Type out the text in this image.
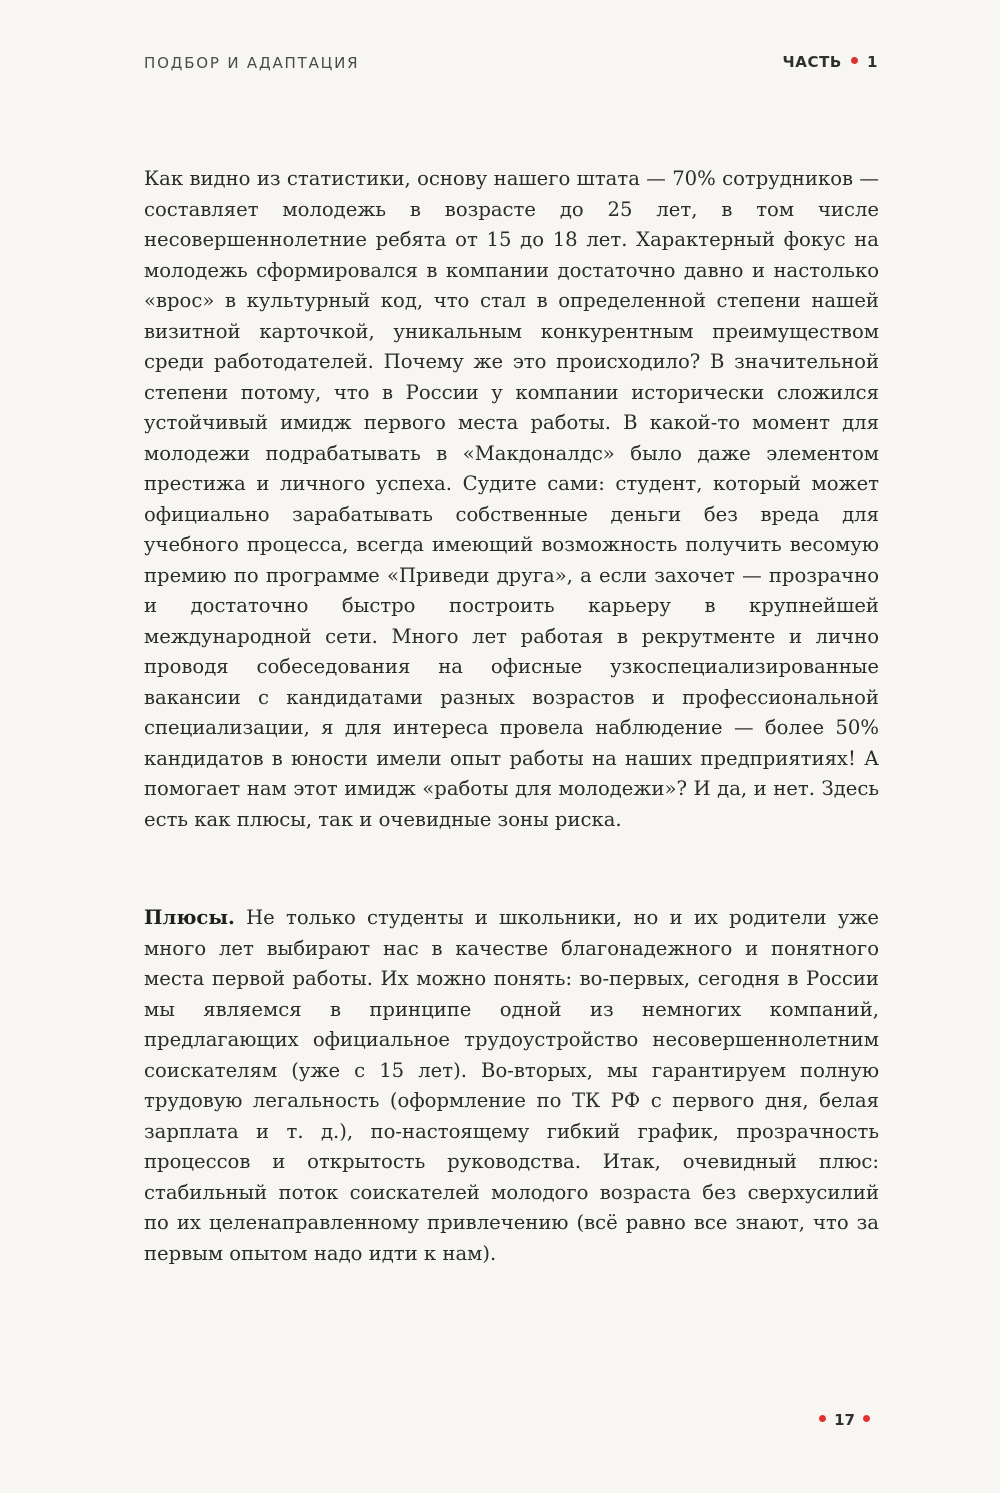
ПОДБОР И АДАПТАЦИЯ	ЧАСТЬ 1

Как видно из статистики, основу нашего штата — 70% сотрудников — составляет молодежь в возрасте до 25 лет, в том числе несовершеннолетние ребята от 15 до 18 лет. Характерный фокус на молодежь сформировался в компании достаточно давно и настолько «врос» в культурный код, что стал в определенной степени нашей визитной карточкой, уникальным конкурентным преимуществом среди работодателей. Почему же это происходило? В значительной степени потому, что в России у компании исторически сложился устойчивый имидж первого места работы. В какой-то момент для молодежи подрабатывать в «Макдоналдс» было даже элементом престижа и личного успеха. Судите сами: студент, который может официально зарабатывать собственные деньги без вреда для учебного процесса, всегда имеющий возможность получить весомую премию по программе «Приведи друга», а если захочет — прозрачно и достаточно быстро построить карьеру в крупнейшей международной сети. Много лет работая в рекрутменте и лично проводя собеседования на офисные узкоспециализированные вакансии с кандидатами разных возрастов и профессиональной специализации, я для интереса провела наблюдение — более 50% кандидатов в юности имели опыт работы на наших предприятиях! А помогает нам этот имидж «работы для молодежи»? И да, и нет. Здесь есть как плюсы, так и очевидные зоны риска.

Плюсы. Не только студенты и школьники, но и их родители уже много лет выбирают нас в качестве благонадежного и понятного места первой работы. Их можно понять: во-первых, сегодня в России мы являемся в принципе одной из немногих компаний, предлагающих официальное трудоустройство несовершеннолетним соискателям (уже с 15 лет). Во-вторых, мы гарантируем полную трудовую легальность (оформление по ТК РФ с первого дня, белая зарплата и т. д.), по-настоящему гибкий график, прозрачность процессов и открытость руководства. Итак, очевидный плюс: стабильный поток соискателей молодого возраста без сверхусилий по их целенаправленному привлечению (всё равно все знают, что за первым опытом надо идти к нам).

17
